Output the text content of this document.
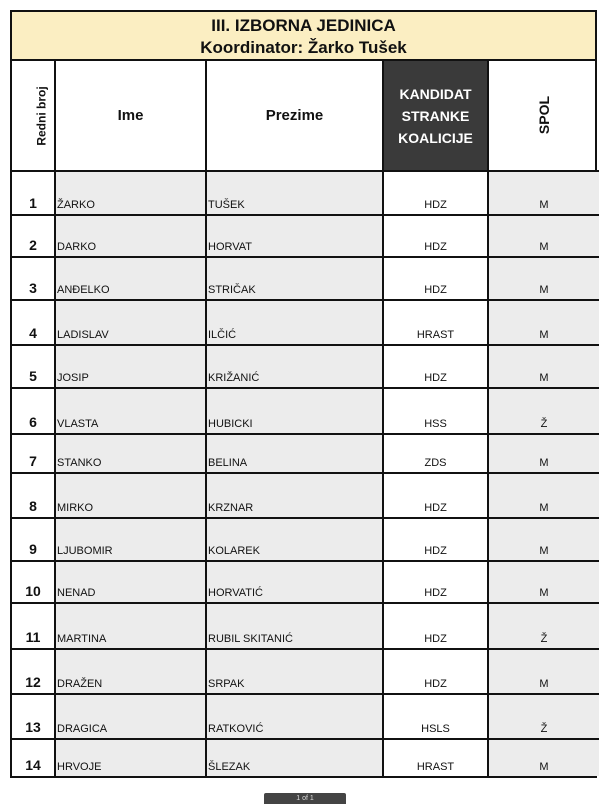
III. IZBORNA JEDINICA
Koordinator: Žarko Tušek
Redni broj	Ime	Prezime	KANDIDAT
STRANKE
KOALICIJE	SPOL
1	ŽARKO	TUŠEK	HDZ	M
2	DARKO	HORVAT	HDZ	M
3	ANĐELKO	STRIČAK	HDZ	M
4	LADISLAV	ILČIĆ	HRAST	M
5	JOSIP	KRIŽANIĆ	HDZ	M
6	VLASTA	HUBICKI	HSS	Ž
7	STANKO	BELINA	ZDS	M
8	MIRKO	KRZNAR	HDZ	M
9	LJUBOMIR	KOLAREK	HDZ	M
10	NENAD	HORVATIĆ	HDZ	M
11	MARTINA	RUBIL SKITANIĆ	HDZ	Ž
12	DRAŽEN	SRPAK	HDZ	M
13	DRAGICA	RATKOVIĆ	HSLS	Ž
14	HRVOJE	ŠLEZAK	HRAST	M
1 of 1
